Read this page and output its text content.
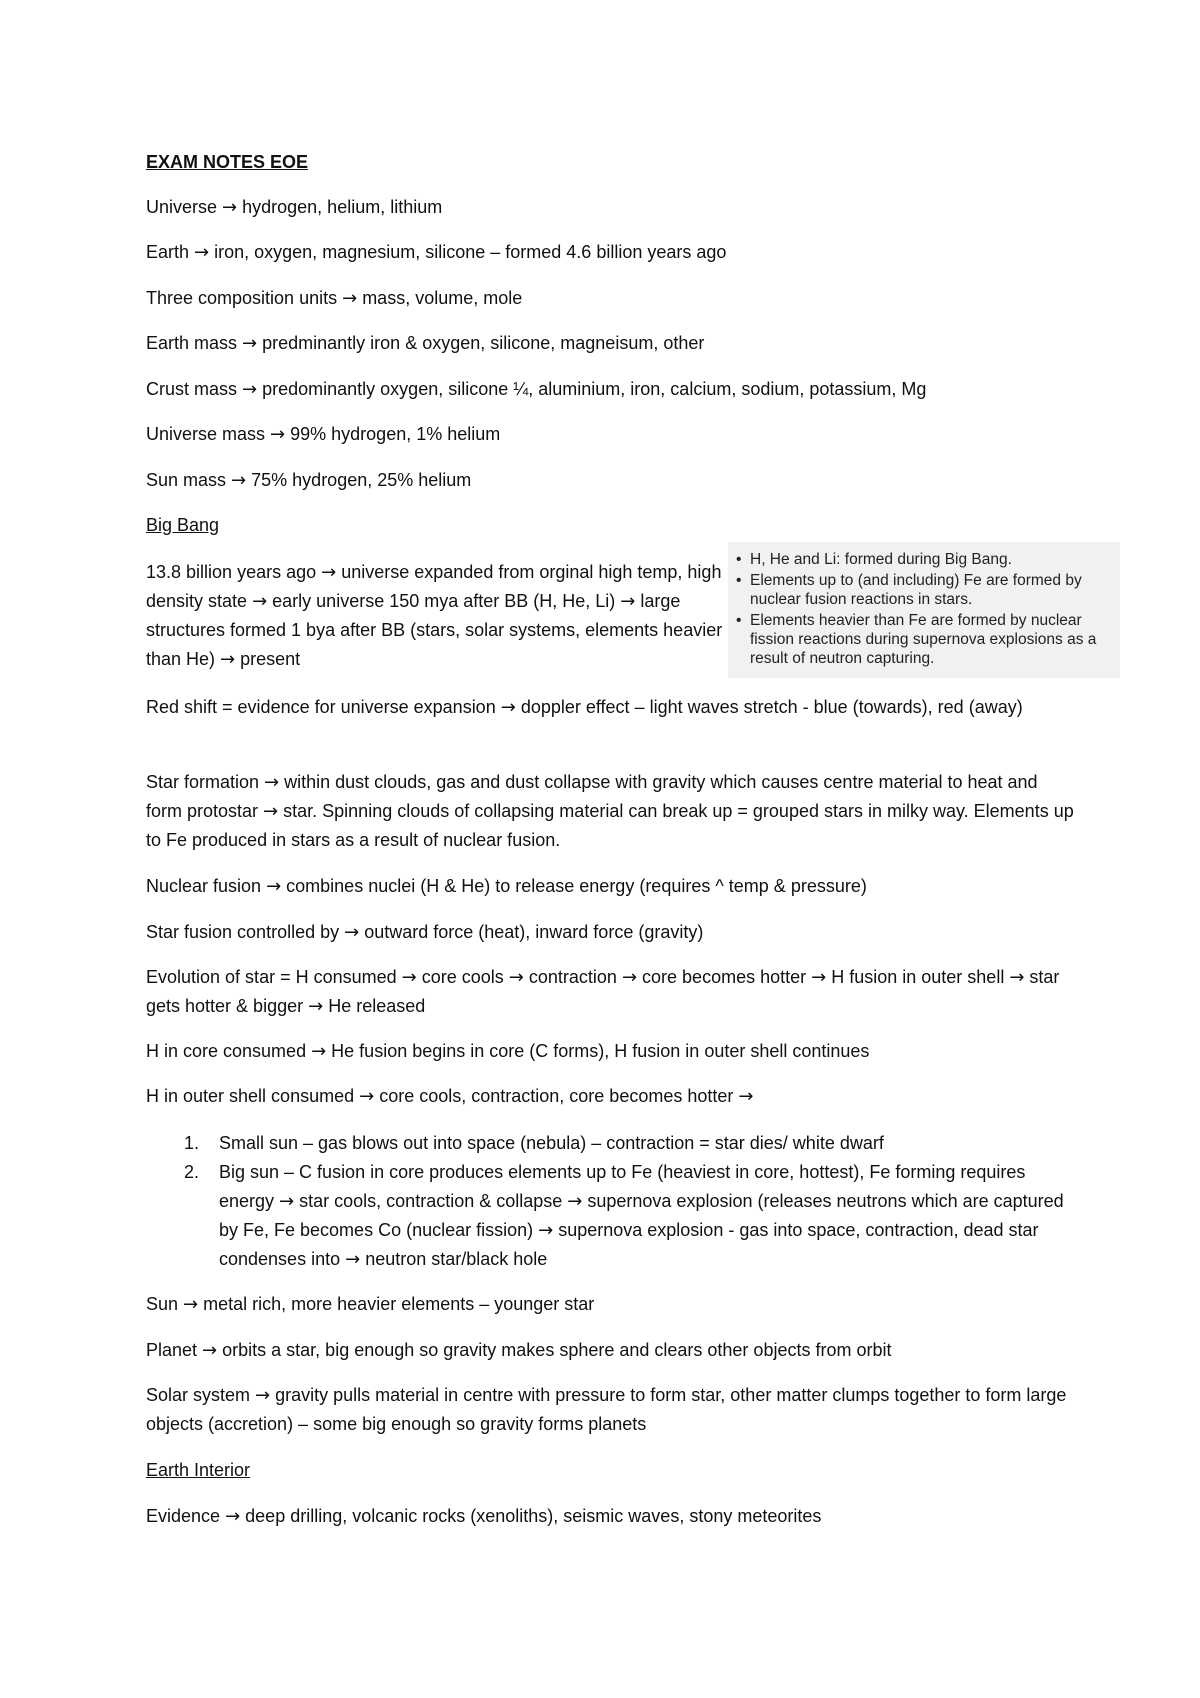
EXAM NOTES EOE

Universe → hydrogen, helium, lithium

Earth → iron, oxygen, magnesium, silicone – formed 4.6 billion years ago

Three composition units → mass, volume, mole

Earth mass → predminantly iron & oxygen, silicone, magneisum, other

Crust mass → predominantly oxygen, silicone ¼, aluminium, iron, calcium, sodium, potassium, Mg

Universe mass → 99% hydrogen, 1% helium

Sun mass → 75% hydrogen, 25% helium

Big Bang

13.8 billion years ago → universe expanded from orginal high temp, high density state → early universe 150 mya after BB (H, He, Li) → large structures formed 1 bya after BB (stars, solar systems, elements heavier than He) → present

• H, He and Li: formed during Big Bang.
• Elements up to (and including) Fe are formed by nuclear fusion reactions in stars.
• Elements heavier than Fe are formed by nuclear fission reactions during supernova explosions as a result of neutron capturing.

Red shift = evidence for universe expansion → doppler effect – light waves stretch - blue (towards), red (away)

Star formation → within dust clouds, gas and dust collapse with gravity which causes centre material to heat and form protostar → star. Spinning clouds of collapsing material can break up = grouped stars in milky way. Elements up to Fe produced in stars as a result of nuclear fusion.

Nuclear fusion → combines nuclei (H & He) to release energy (requires ^ temp & pressure)

Star fusion controlled by → outward force (heat), inward force (gravity)

Evolution of star = H consumed → core cools → contraction → core becomes hotter → H fusion in outer shell → star gets hotter & bigger → He released

H in core consumed → He fusion begins in core (C forms), H fusion in outer shell continues

H in outer shell consumed → core cools, contraction, core becomes hotter →

1. Small sun – gas blows out into space (nebula) – contraction = star dies/ white dwarf
2. Big sun – C fusion in core produces elements up to Fe (heaviest in core, hottest), Fe forming requires energy → star cools, contraction & collapse → supernova explosion (releases neutrons which are captured by Fe, Fe becomes Co (nuclear fission) → supernova explosion - gas into space, contraction, dead star condenses into → neutron star/black hole

Sun → metal rich, more heavier elements – younger star

Planet → orbits a star, big enough so gravity makes sphere and clears other objects from orbit

Solar system → gravity pulls material in centre with pressure to form star, other matter clumps together to form large objects (accretion) – some big enough so gravity forms planets

Earth Interior

Evidence → deep drilling, volcanic rocks (xenoliths), seismic waves, stony meteorites
